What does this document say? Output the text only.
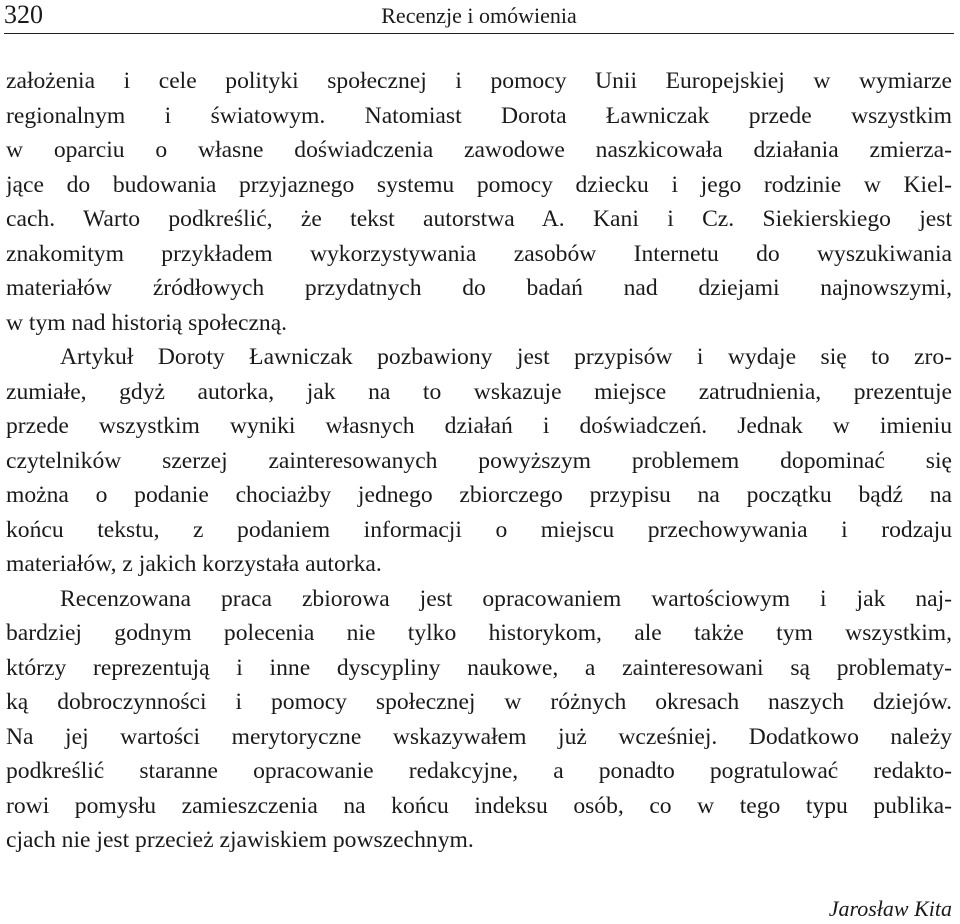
320	Recenzje i omówienia
założenia i cele polityki społecznej i pomocy Unii Europejskiej w wymiarze
regionalnym i światowym. Natomiast Dorota Ławniczak przede wszystkim
w oparciu o własne doświadczenia zawodowe naszkicowała działania zmierza-
jące do budowania przyjaznego systemu pomocy dziecku i jego rodzinie w Kiel-
cach. Warto podkreślić, że tekst autorstwa A. Kani i Cz. Siekierskiego jest
znakomitym przykładem wykorzystywania zasobów Internetu do wyszukiwania
materiałów źródłowych przydatnych do badań nad dziejami najnowszymi,
w tym nad historią społeczną.
Artykuł Doroty Ławniczak pozbawiony jest przypisów i wydaje się to zro-
zumiałe, gdyż autorka, jak na to wskazuje miejsce zatrudnienia, prezentuje
przede wszystkim wyniki własnych działań i doświadczeń. Jednak w imieniu
czytelników szerzej zainteresowanych powyższym problemem dopominać się
można o podanie chociażby jednego zbiorczego przypisu na początku bądź na
końcu tekstu, z podaniem informacji o miejscu przechowywania i rodzaju
materiałów, z jakich korzystała autorka.
Recenzowana praca zbiorowa jest opracowaniem wartościowym i jak naj-
bardziej godnym polecenia nie tylko historykom, ale także tym wszystkim,
którzy reprezentują i inne dyscypliny naukowe, a zainteresowani są problematy-
ką dobroczynności i pomocy społecznej w różnych okresach naszych dziejów.
Na jej wartości merytoryczne wskazywałem już wcześniej. Dodatkowo należy
podkreślić staranne opracowanie redakcyjne, a ponadto pogratulować redakto-
rowi pomysłu zamieszczenia na końcu indeksu osób, co w tego typu publika-
cjach nie jest przecież zjawiskiem powszechnym.
Jarosław Kita
